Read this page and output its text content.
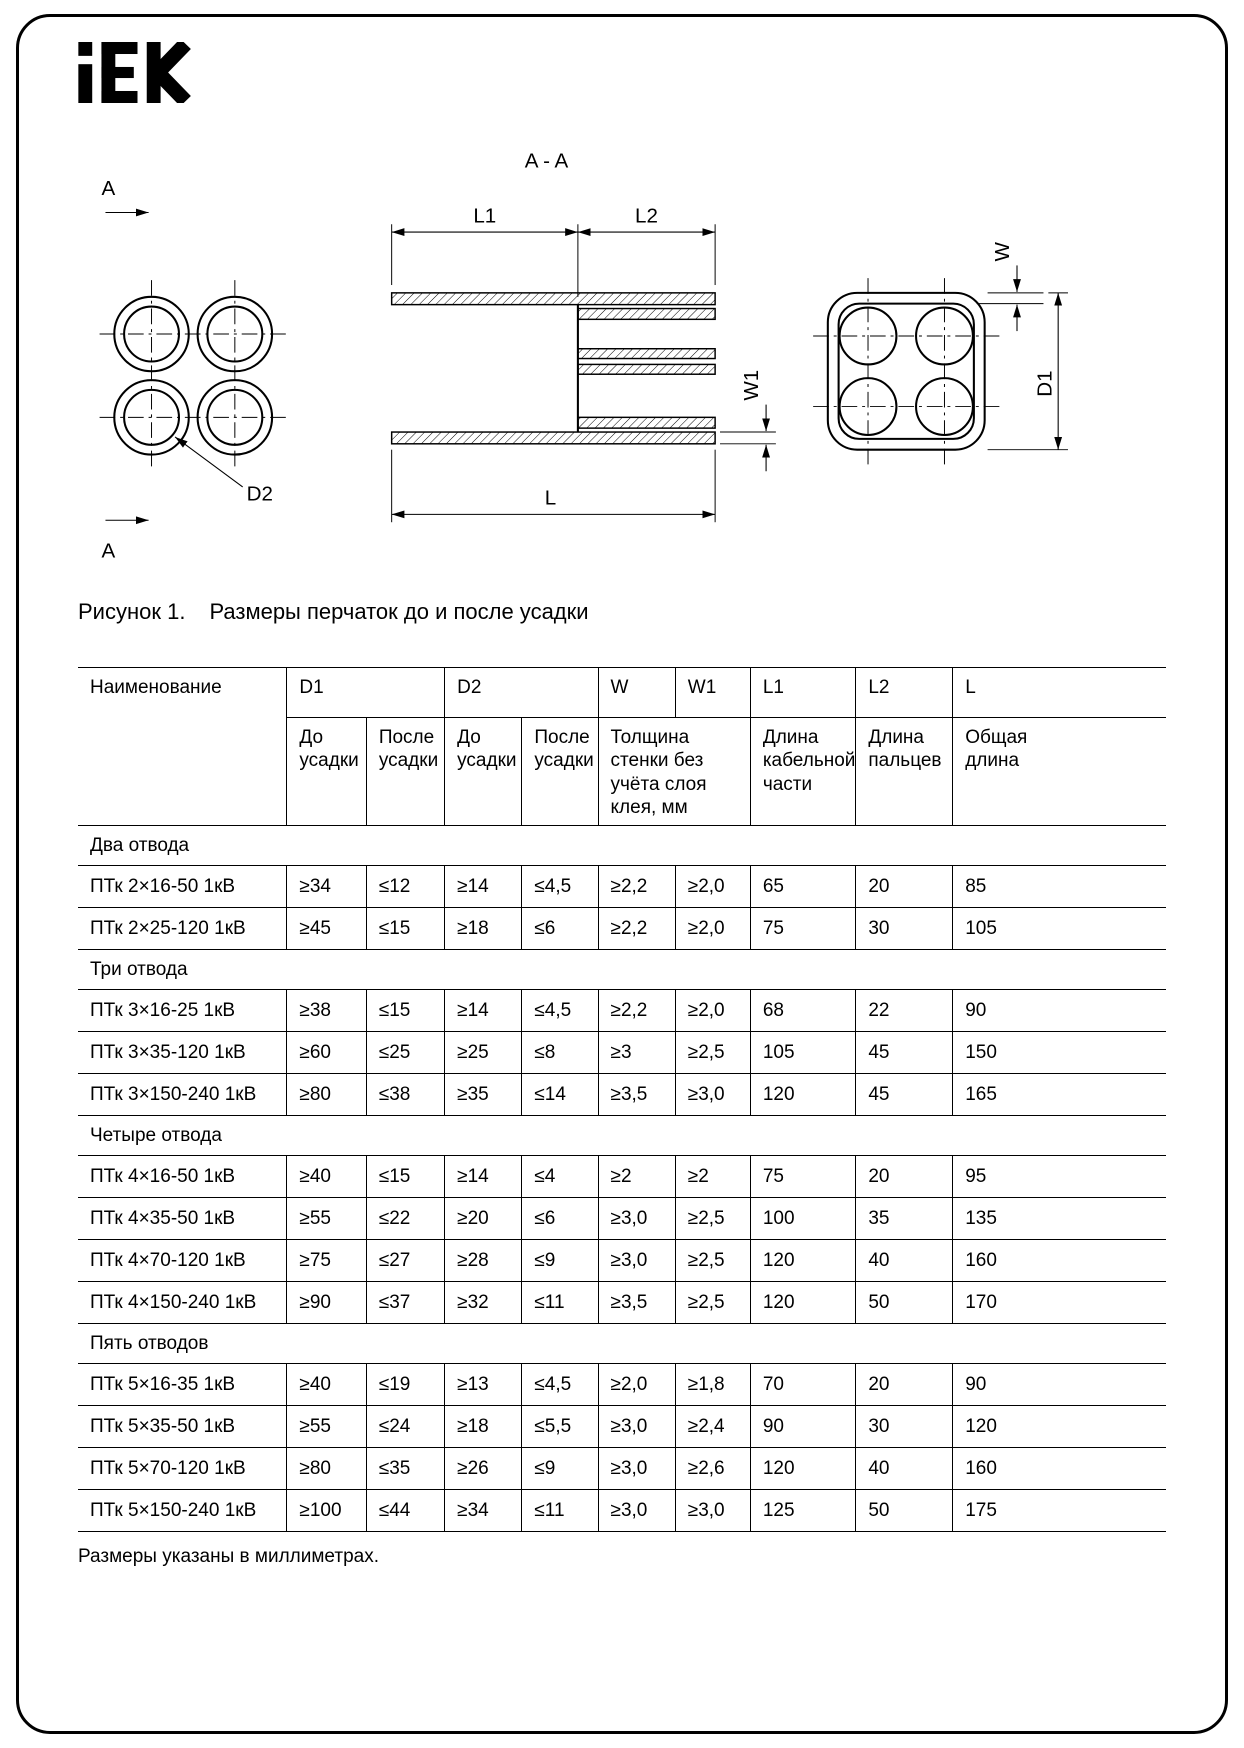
A
A
D2
A - A
L1	L2
W1
L
W
D1

Рисунок 1. Размеры перчаток до и после усадки

Наименование	D1		D2		W	W1	L1	L2	L
	До усадки	После усадки	До усадки	После усадки	Толщина стенки без учёта слоя клея, мм		Длина кабельной части	Длина пальцев	Общая длина
Два отвода									
ПТк 2×16-50 1кВ	≥34	≤12	≥14	≤4,5	≥2,2	≥2,0	65	20	85
ПТк 2×25-120 1кВ	≥45	≤15	≥18	≤6	≥2,2	≥2,0	75	30	105
Три отвода									
ПТк 3×16-25 1кВ	≥38	≤15	≥14	≤4,5	≥2,2	≥2,0	68	22	90
ПТк 3×35-120 1кВ	≥60	≤25	≥25	≤8	≥3	≥2,5	105	45	150
ПТк 3×150-240 1кВ	≥80	≤38	≥35	≤14	≥3,5	≥3,0	120	45	165
Четыре отвода									
ПТк 4×16-50 1кВ	≥40	≤15	≥14	≤4	≥2	≥2	75	20	95
ПТк 4×35-50 1кВ	≥55	≤22	≥20	≤6	≥3,0	≥2,5	100	35	135
ПТк 4×70-120 1кВ	≥75	≤27	≥28	≤9	≥3,0	≥2,5	120	40	160
ПТк 4×150-240 1кВ	≥90	≤37	≥32	≤11	≥3,5	≥2,5	120	50	170
Пять отводов									
ПТк 5×16-35 1кВ	≥40	≤19	≥13	≤4,5	≥2,0	≥1,8	70	20	90
ПТк 5×35-50 1кВ	≥55	≤24	≥18	≤5,5	≥3,0	≥2,4	90	30	120
ПТк 5×70-120 1кВ	≥80	≤35	≥26	≤9	≥3,0	≥2,6	120	40	160
ПТк 5×150-240 1кВ	≥100	≤44	≥34	≤11	≥3,0	≥3,0	125	50	175

Размеры указаны в миллиметрах.
